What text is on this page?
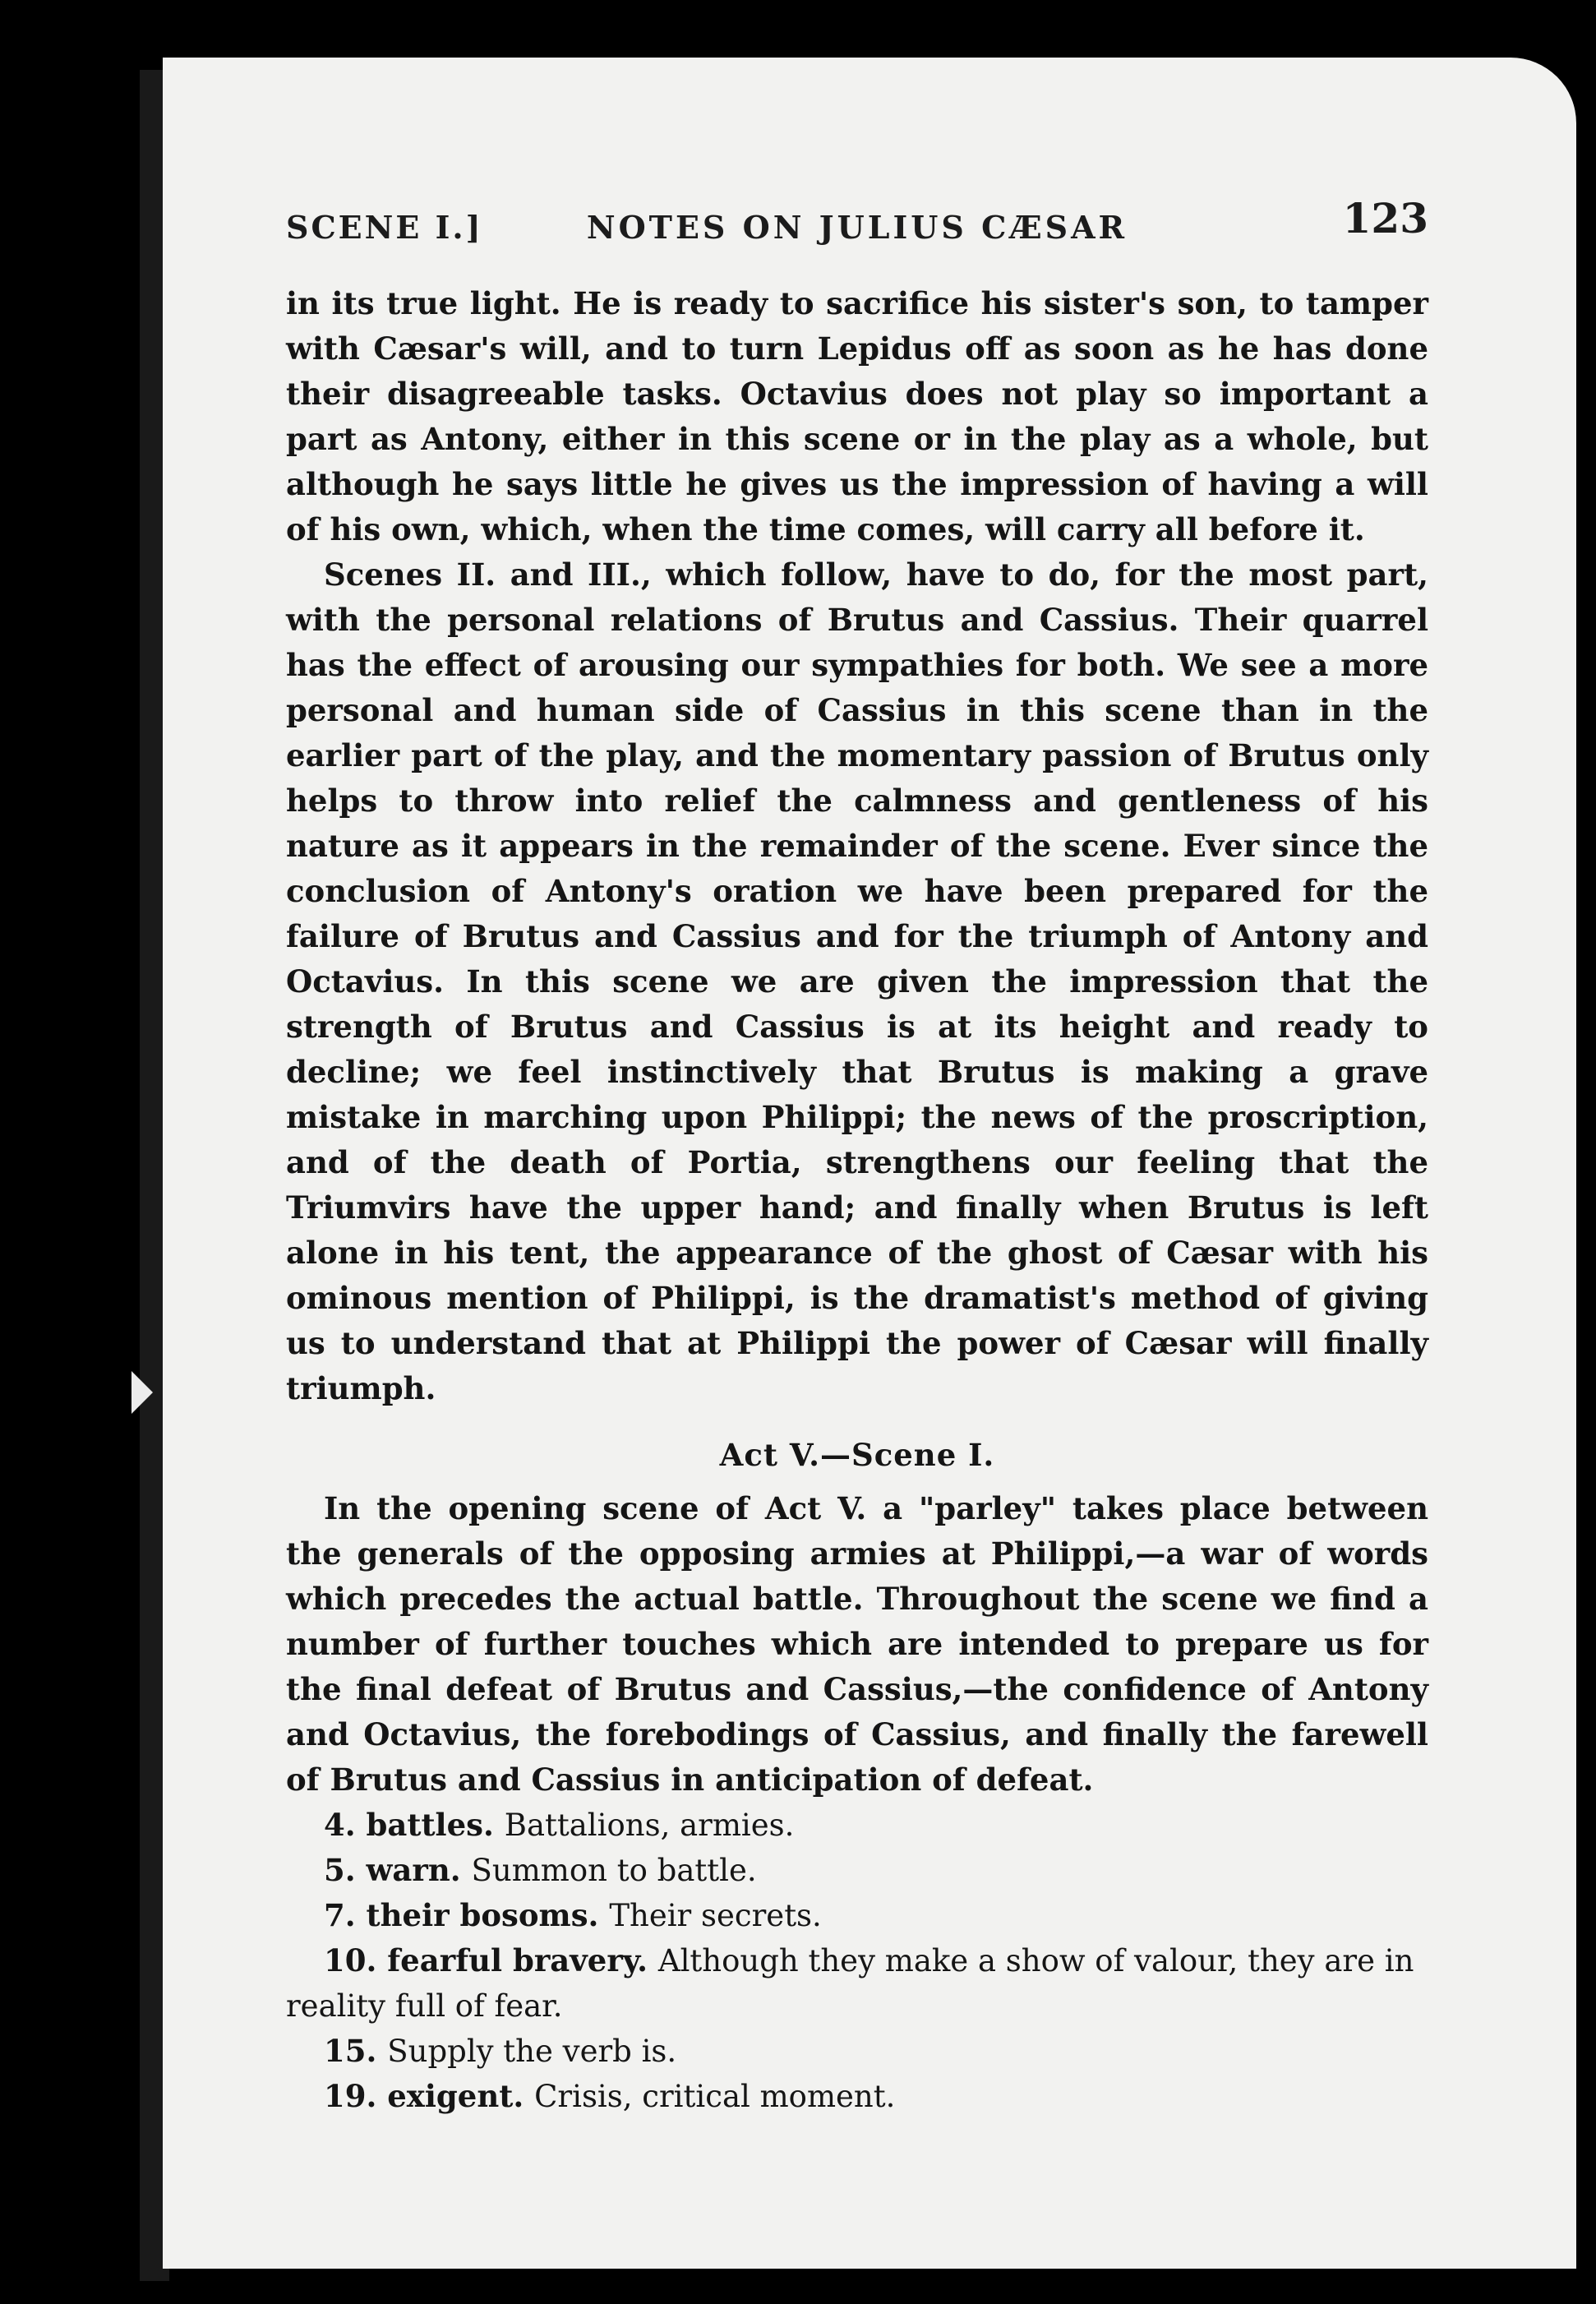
SCENE I.]	NOTES ON JULIUS CÆSAR	123

in its true light. He is ready to sacrifice his sister's son, to tamper with Cæsar's will, and to turn Lepidus off as soon as he has done their disagreeable tasks. Octavius does not play so important a part as Antony, either in this scene or in the play as a whole, but although he says little he gives us the impression of having a will of his own, which, when the time comes, will carry all before it.

Scenes II. and III., which follow, have to do, for the most part, with the personal relations of Brutus and Cassius. Their quarrel has the effect of arousing our sympathies for both. We see a more personal and human side of Cassius in this scene than in the earlier part of the play, and the momentary passion of Brutus only helps to throw into relief the calmness and gentleness of his nature as it appears in the remainder of the scene. Ever since the conclusion of Antony's oration we have been prepared for the failure of Brutus and Cassius and for the triumph of Antony and Octavius. In this scene we are given the impression that the strength of Brutus and Cassius is at its height and ready to decline; we feel instinctively that Brutus is making a grave mistake in marching upon Philippi; the news of the proscription, and of the death of Portia, strengthens our feeling that the Triumvirs have the upper hand; and finally when Brutus is left alone in his tent, the appearance of the ghost of Cæsar with his ominous mention of Philippi, is the dramatist's method of giving us to understand that at Philippi the power of Cæsar will finally triumph.

Act V.—Scene I.

In the opening scene of Act V. a "parley" takes place between the generals of the opposing armies at Philippi,—a war of words which precedes the actual battle. Throughout the scene we find a number of further touches which are intended to prepare us for the final defeat of Brutus and Cassius,—the confidence of Antony and Octavius, the forebodings of Cassius, and finally the farewell of Brutus and Cassius in anticipation of defeat.

4. battles. Battalions, armies.

5. warn. Summon to battle.

7. their bosoms. Their secrets.

10. fearful bravery. Although they make a show of valour, they are in reality full of fear.

15. Supply the verb is.

19. exigent. Crisis, critical moment.
